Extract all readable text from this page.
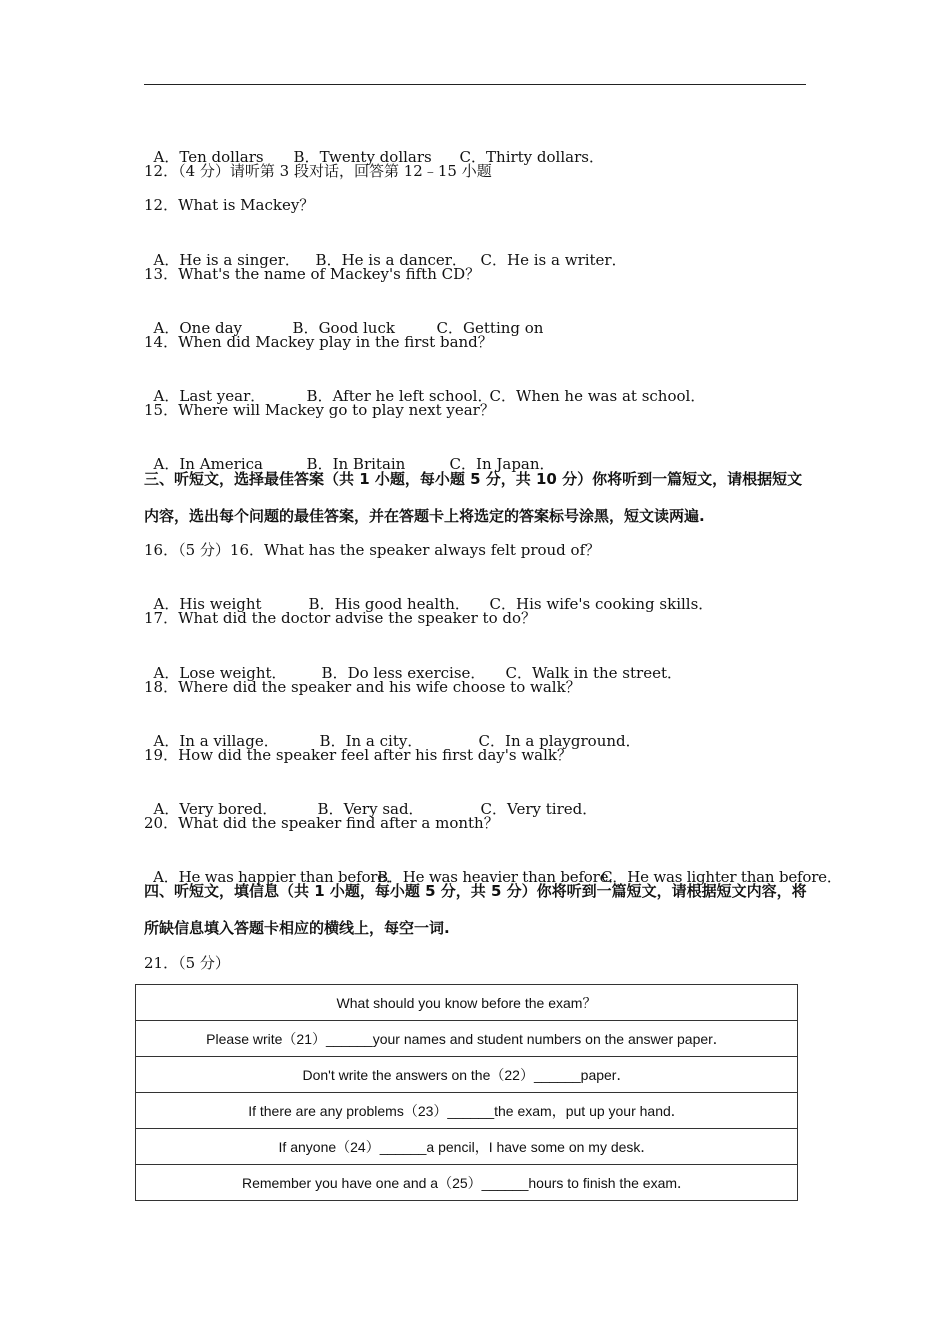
A．Ten dollars B．Twenty dollars C．Thirty dollars．

12．（4 分）请听第 3 段对话，回答第 12﹣15 小题
12．What is Mackey？

A．He is a singer． B．He is a dancer． C．He is a writer．

13．What's the name of Mackey's fifth CD？

A．One day	B．Good luck	C．Getting on

14．When did Mackey play in the first band？

A．Last year．	B．After he left school．C．When he was at school．

15．Where will Mackey go to play next year？

A．In America	B．In Britain	C．In Japan．

三、听短文，选择最佳答案（共 1 小题，每小题 5 分，共 10 分）你将听到一篇短文，请根据短文
内容，选出每个问题的最佳答案，并在答题卡上将选定的答案标号涂黑，短文读两遍.
16．（5 分）16．What has the speaker always felt proud of？

A．His weight	B．His good health． C．His wife's cooking skills．

17．What did the doctor advise the speaker to do？

A．Lose weight． B．Do less exercise． C．Walk in the street．

18．Where did the speaker and his wife choose to walk？

A．In a village．	B．In a city．	C．In a playground．

19．How did the speaker feel after his first day's walk？

A．Very bored．	B．Very sad．	C．Very tired．

20．What did the speaker find after a month？

A．He was happier than before．B．He was heavier than before．C．He was lighter than before．

四、听短文，填信息（共 1 小题，每小题 5 分，共 5 分）你将听到一篇短文，请根据短文内容，将
所缺信息填入答题卡相应的横线上，每空一词.
21．（5 分）
What should you know before the exam？
Please write（21）______your names and student numbers on the answer paper．
Don't write the answers on the（22）______paper．
If there are any problems（23）______the exam，put up your hand．
If anyone（24）______a pencil，I have some on my desk．
Remember you have one and a（25）______hours to finish the exam．
